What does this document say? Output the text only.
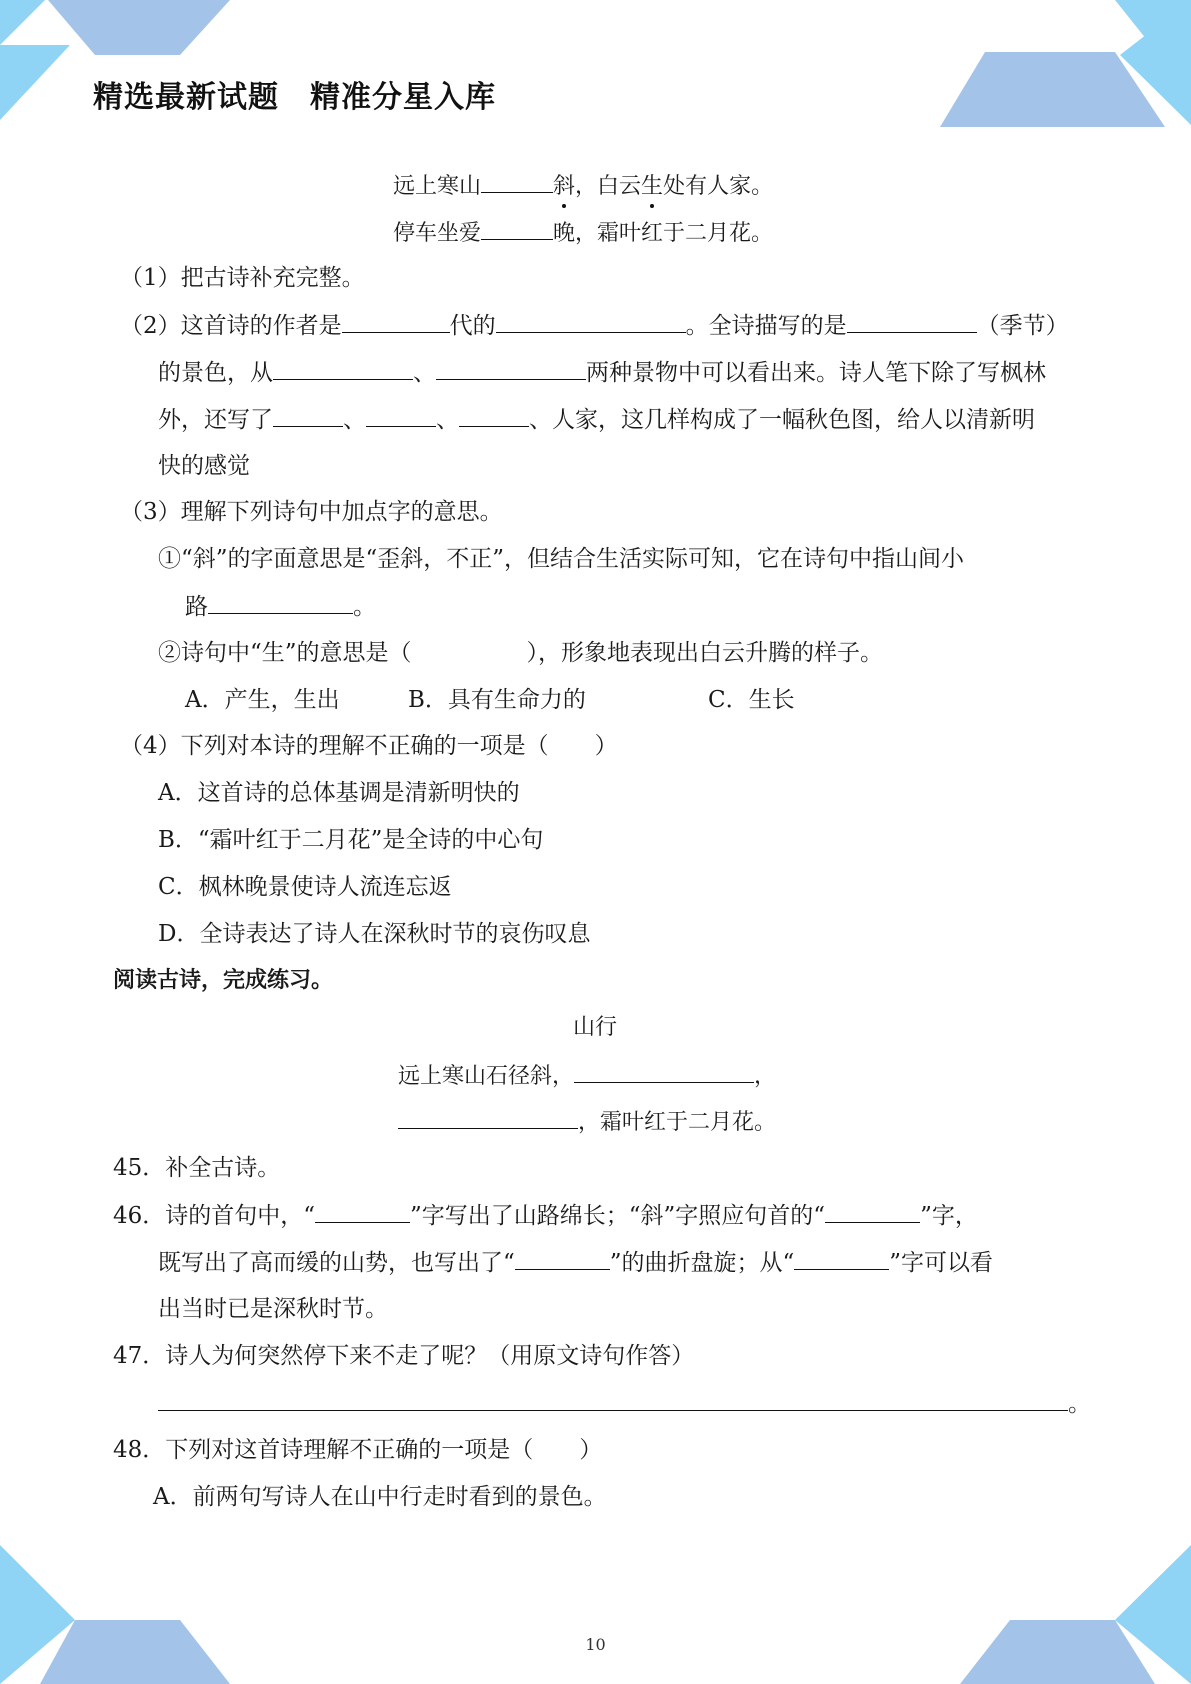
精选最新试题　精准分星入库
远上寒山	斜，白云生处有人家。
停车坐爱	晚，霜叶红于二月花。
（1）把古诗补充完整。
（2）这首诗的作者是	代的	。全诗描写的是	（季节）
的景色，从	、	两种景物中可以看出来。诗人笔下除了写枫林
外，还写了	、	、	、人家，这几样构成了一幅秋色图，给人以清新明
快的感觉
（3）理解下列诗句中加点字的意思。
①“斜”的字面意思是“歪斜，不正”，但结合生活实际可知，它在诗句中指山间小
路	。
②诗句中“生”的意思是（　　　　　），形象地表现出白云升腾的样子。
A．产生，生出	B．具有生命力的	C．生长
（4）下列对本诗的理解不正确的一项是（　　）
A．这首诗的总体基调是清新明快的
B．“霜叶红于二月花”是全诗的中心句
C．枫林晚景使诗人流连忘返
D．全诗表达了诗人在深秋时节的哀伤叹息
阅读古诗，完成练习。
山行
远上寒山石径斜，	，
，霜叶红于二月花。
45．补全古诗。
46．诗的首句中，“	”字写出了山路绵长；“斜”字照应句首的“	”字，
既写出了高而缓的山势，也写出了“	”的曲折盘旋；从“	”字可以看
出当时已是深秋时节。
47．诗人为何突然停下来不走了呢？（用原文诗句作答）
。
48．下列对这首诗理解不正确的一项是（　　）
A．前两句写诗人在山中行走时看到的景色。
10
